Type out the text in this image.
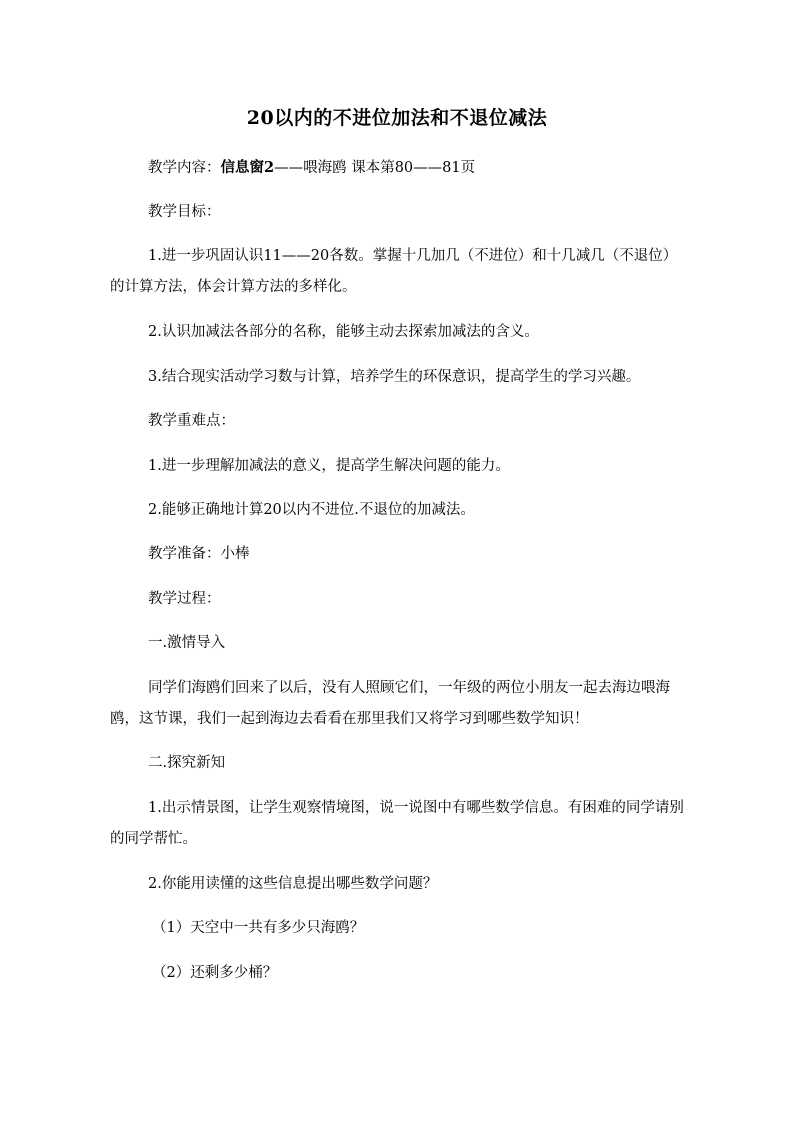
20以内的不进位加法和不退位减法
教学内容：信息窗2——喂海鸥 课本第80——81页
教学目标：
1.进一步巩固认识11——20各数。掌握十几加几（不进位）和十几减几（不退位）的计算方法，体会计算方法的多样化。
2.认识加减法各部分的名称，能够主动去探索加减法的含义。
3.结合现实活动学习数与计算，培养学生的环保意识，提高学生的学习兴趣。
教学重难点：
1.进一步理解加减法的意义，提高学生解决问题的能力。
2.能够正确地计算20以内不进位.不退位的加减法。
教学准备：小棒
教学过程：
一.激情导入
同学们海鸥们回来了以后，没有人照顾它们，一年级的两位小朋友一起去海边喂海鸥，这节课，我们一起到海边去看看在那里我们又将学习到哪些数学知识！
二.探究新知
1.出示情景图，让学生观察情境图，说一说图中有哪些数学信息。有困难的同学请别的同学帮忙。
2.你能用读懂的这些信息提出哪些数学问题？
（1）天空中一共有多少只海鸥？
（2）还剩多少桶？
